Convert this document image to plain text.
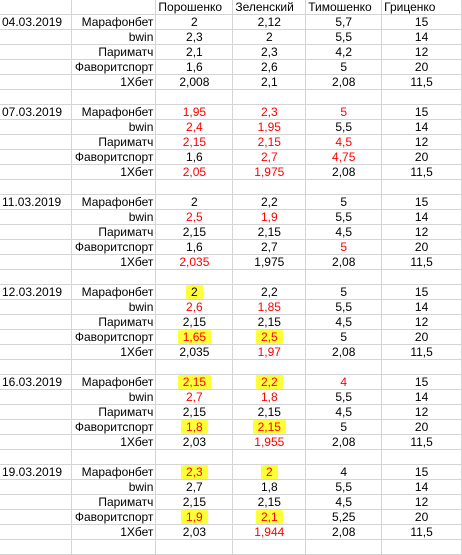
		Порошенко	Зеленский	Тимошенко	Гриценко
04.03.2019	Марафонбет	2	2,12	5,7	15
	bwin	2,3	2	5,5	14
	Париматч	2,1	2,3	4,2	12
	Фаворитспорт	1,6	2,6	5	20
	1Хбет	2,008	2,1	2,08	11,5

07.03.2019	Марафонбет	1,95	2,3	5	15
	bwin	2,4	1,95	5,5	14
	Париматч	2,15	2,15	4,5	12
	Фаворитспорт	1,6	2,7	4,75	20
	1Хбет	2,05	1,975	2,08	11,5

11.03.2019	Марафонбет	2	2,2	5	15
	bwin	2,5	1,9	5,5	14
	Париматч	2,15	2,15	4,5	12
	Фаворитспорт	1,6	2,7	5	20
	1Хбет	2,035	1,975	2,08	11,5

12.03.2019	Марафонбет	2	2,2	5	15
	bwin	2,6	1,85	5,5	14
	Париматч	2,15	2,15	4,5	12
	Фаворитспорт	1,65	2,5	5	20
	1Хбет	2,035	1,97	2,08	11,5

16.03.2019	Марафонбет	2,15	2,2	4	15
	bwin	2,7	1,8	5,5	14
	Париматч	2,15	2,15	4,5	12
	Фаворитспорт	1,8	2,15	5	20
	1Хбет	2,03	1,955	2,08	11,5

19.03.2019	Марафонбет	2,3	2	4	15
	bwin	2,7	1,8	5,5	14
	Париматч	2,15	2,15	4,5	12
	Фаворитспорт	1,9	2,1	5,25	20
	1Хбет	2,03	1,944	2,08	11,5
